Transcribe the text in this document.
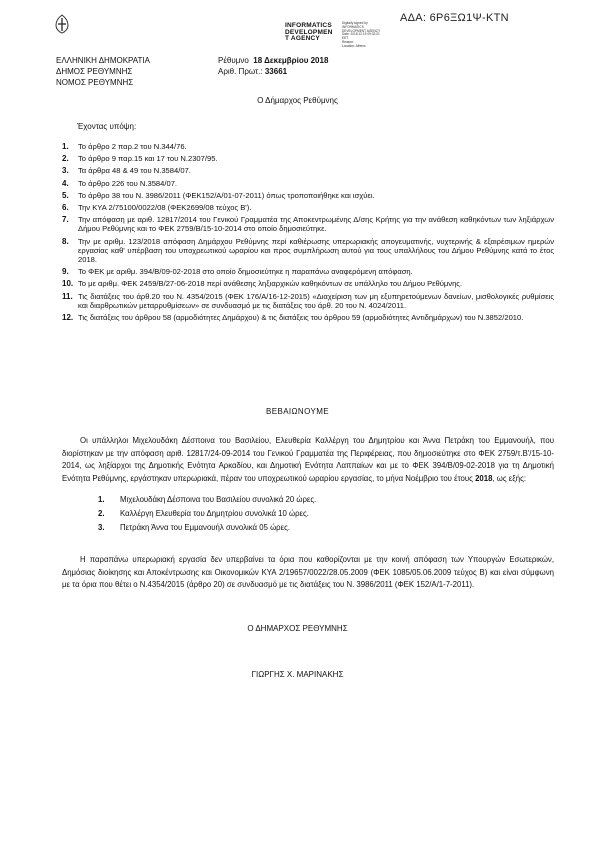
ΑΔΑ: 6Ρ6ΞΩ1Ψ-ΚΤΝ
INFORMATICS
DEVELOPMEN
T AGENCY
Digitally signed by
INFORMATICS
DEVELOPMENT AGENCY
Date: 2018.12.19 09:32:01
EET
Reason:
Location: Athens
ΕΛΛΗΝΙΚΗ ΔΗΜΟΚΡΑΤΙΑ
ΔΗΜΟΣ ΡΕΘΥΜΝΗΣ
ΝΟΜΟΣ ΡΕΘΥΜΝΗΣ
Ρέθυμνο 18 Δεκεμβρίου 2018
Αριθ. Πρωτ.: 33661
Ο Δήμαρχος Ρεθύμνης
Έχοντας υπόψη:
1. Το άρθρο 2 παρ.2 του Ν.344/76.
2. Το άρθρο 9 παρ.15 και 17 του Ν.2307/95.
3. Τα άρθρα 48 & 49 του Ν.3584/07.
4. Το άρθρο 226 του Ν.3584/07.
5. Το άρθρο 38 του Ν. 3986/2011 (ΦΕΚ152/Α/01-07-2011) όπως τροποποιήθηκε και ισχύει.
6. Την ΚΥΑ 2/75100/0022/08 (ΦΕΚ2699/08 τεύχος Β').
7. Την απόφαση με αριθ. 12817/2014 του Γενικού Γραμματέα της Αποκεντρωμένης Δ/σης Κρήτης για την ανάθεση καθηκόντων των ληξιάρχων Δήμου Ρεθύμνης και το ΦΕΚ 2759/Β/15-10-2014 στο οποίο δημοσιεύτηκε.
8. Την με αριθμ. 123/2018 απόφαση Δημάρχου Ρεθύμνης περί καθιέρωσης υπερωριακής απογευματινής, νυχτερινής & εξαιρέσιμων ημερών εργασίας καθ' υπέρβαση του υποχρεωτικού ωραρίου και προς συμπλήρωση αυτού για τους υπαλλήλους του Δήμου Ρεθύμνης κατά το έτος 2018.
9. Το ΦΕΚ με αριθμ. 394/Β/09-02-2018 στο οποίο δημοσιεύτηκε η παραπάνω αναφερόμενη απόφαση.
10. Το με αριθμ. ΦΕΚ 2459/Β/27-06-2018 περί ανάθεσης ληξιαρχικών καθηκόντων σε υπάλληλο του Δήμου Ρεθύμνης.
11. Τις διατάξεις του άρθ.20 του Ν. 4354/2015 (ΦΕΚ 176/Α/16-12-2015) «Διαχείριση των μη εξυπηρετούμενων δανείων, μισθολογικές ρυθμίσεις και διαρθρωτικών μεταρρυθμίσεων» σε συνδυασμό με τις διατάξεις του άρθ. 20 του Ν. 4024/2011.
12. Τις διατάξεις του άρθρου 58 (αρμοδιότητες Δημάρχου) & τις διατάξεις του άρθρου 59 (αρμοδιότητες Αντιδημάρχων) του Ν.3852/2010.
ΒΕΒΑΙΩΝΟΥΜΕ
Οι υπάλληλοι Μιχελουδάκη Δέσποινα του Βασιλείου, Ελευθερία Καλλέργη του Δημητρίου και Άννα Πετράκη του Εμμανουήλ, που διορίστηκαν με την απόφαση αριθ. 12817/24-09-2014 του Γενικού Γραμματέα της Περιφέρειας, που δημοσιεύτηκε στο ΦΕΚ 2759/τ.Β'/15-10-2014, ως ληξίαρχοι της Δημοτικής Ενότητα Αρκαδίου, και Δημοτική Ενότητα Λαππαίων και με το ΦΕΚ 394/Β/09-02-2018 για τη Δημοτική Ενότητα Ρεθύμνης, εργάστηκαν υπερωριακά, πέραν του υποχρεωτικού ωραρίου εργασίας, το μήνα Νοέμβριο του έτους 2018, ως εξής:
1. Μιχελουδάκη Δέσποινα του Βασιλείου συνολικά 20 ώρες.
2. Καλλέργη Ελευθερία του Δημητρίου συνολικά 10 ώρες.
3. Πετράκη Άννα του Εμμανουήλ συνολικά 05 ώρες.
Η παραπάνω υπερωριακή εργασία δεν υπερβαίνει τα όρια που καθορίζονται με την κοινή απόφαση των Υπουργών Εσωτερικών, Δημόσιας διοίκησης και Αποκέντρωσης και Οικονομικών ΚΥΑ 2/19657/0022/28.05.2009 (ΦΕΚ 1085/05.06.2009 τεύχος Β) και είναι σύμφωνη με τα όρια που θέτει ο Ν.4354/2015 (άρθρο 20) σε συνδυασμό με τις διατάξεις του Ν. 3986/2011 (ΦΕΚ 152/Α/1-7-2011).
Ο ΔΗΜΑΡΧΟΣ ΡΕΘΥΜΝΗΣ
ΓΙΩΡΓΗΣ Χ. ΜΑΡΙΝΑΚΗΣ
